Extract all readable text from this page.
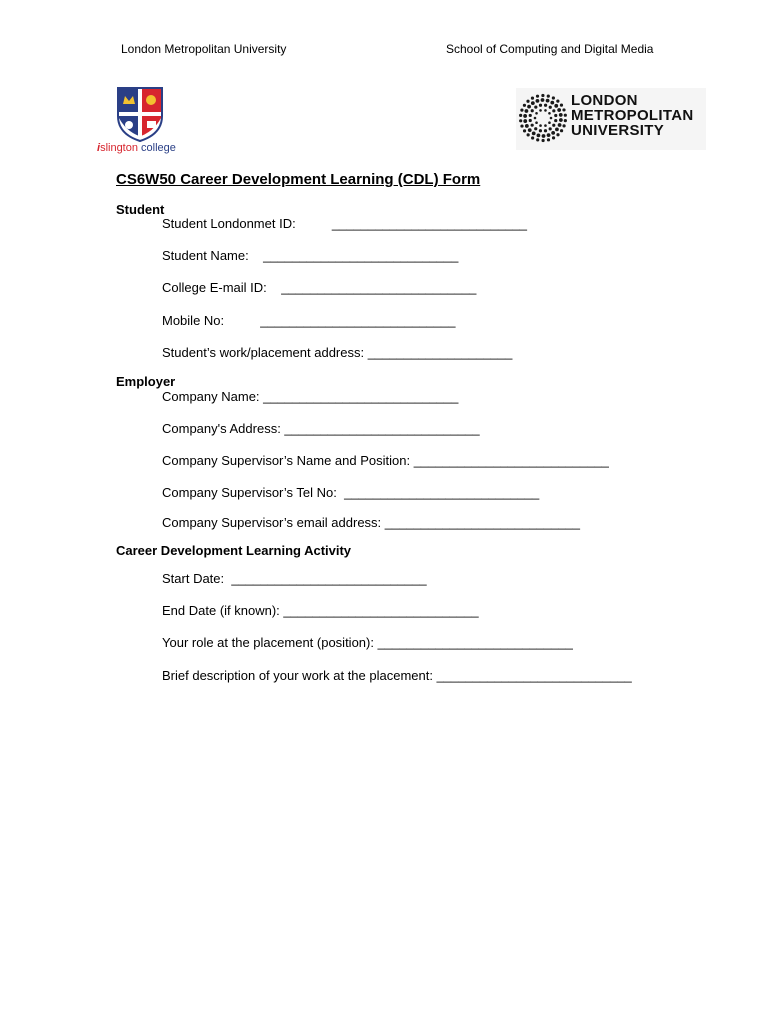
London Metropolitan University	School of Computing and Digital Media
islington college
LONDON
METROPOLITAN
UNIVERSITY
CS6W50 Career Development Learning (CDL) Form
Student
Student Londonmet ID:          ___________________________
Student Name:    ___________________________
College E-mail ID:    ___________________________
Mobile No:          ___________________________
Student’s work/placement address: ____________________
Employer
Company Name: ___________________________
Company's Address: ___________________________
Company Supervisor’s Name and Position: ___________________________
Company Supervisor’s Tel No:  ___________________________
Company Supervisor’s email address: ___________________________
Career Development Learning Activity
Start Date:  ___________________________
End Date (if known): ___________________________
Your role at the placement (position): ___________________________
Brief description of your work at the placement: ___________________________
